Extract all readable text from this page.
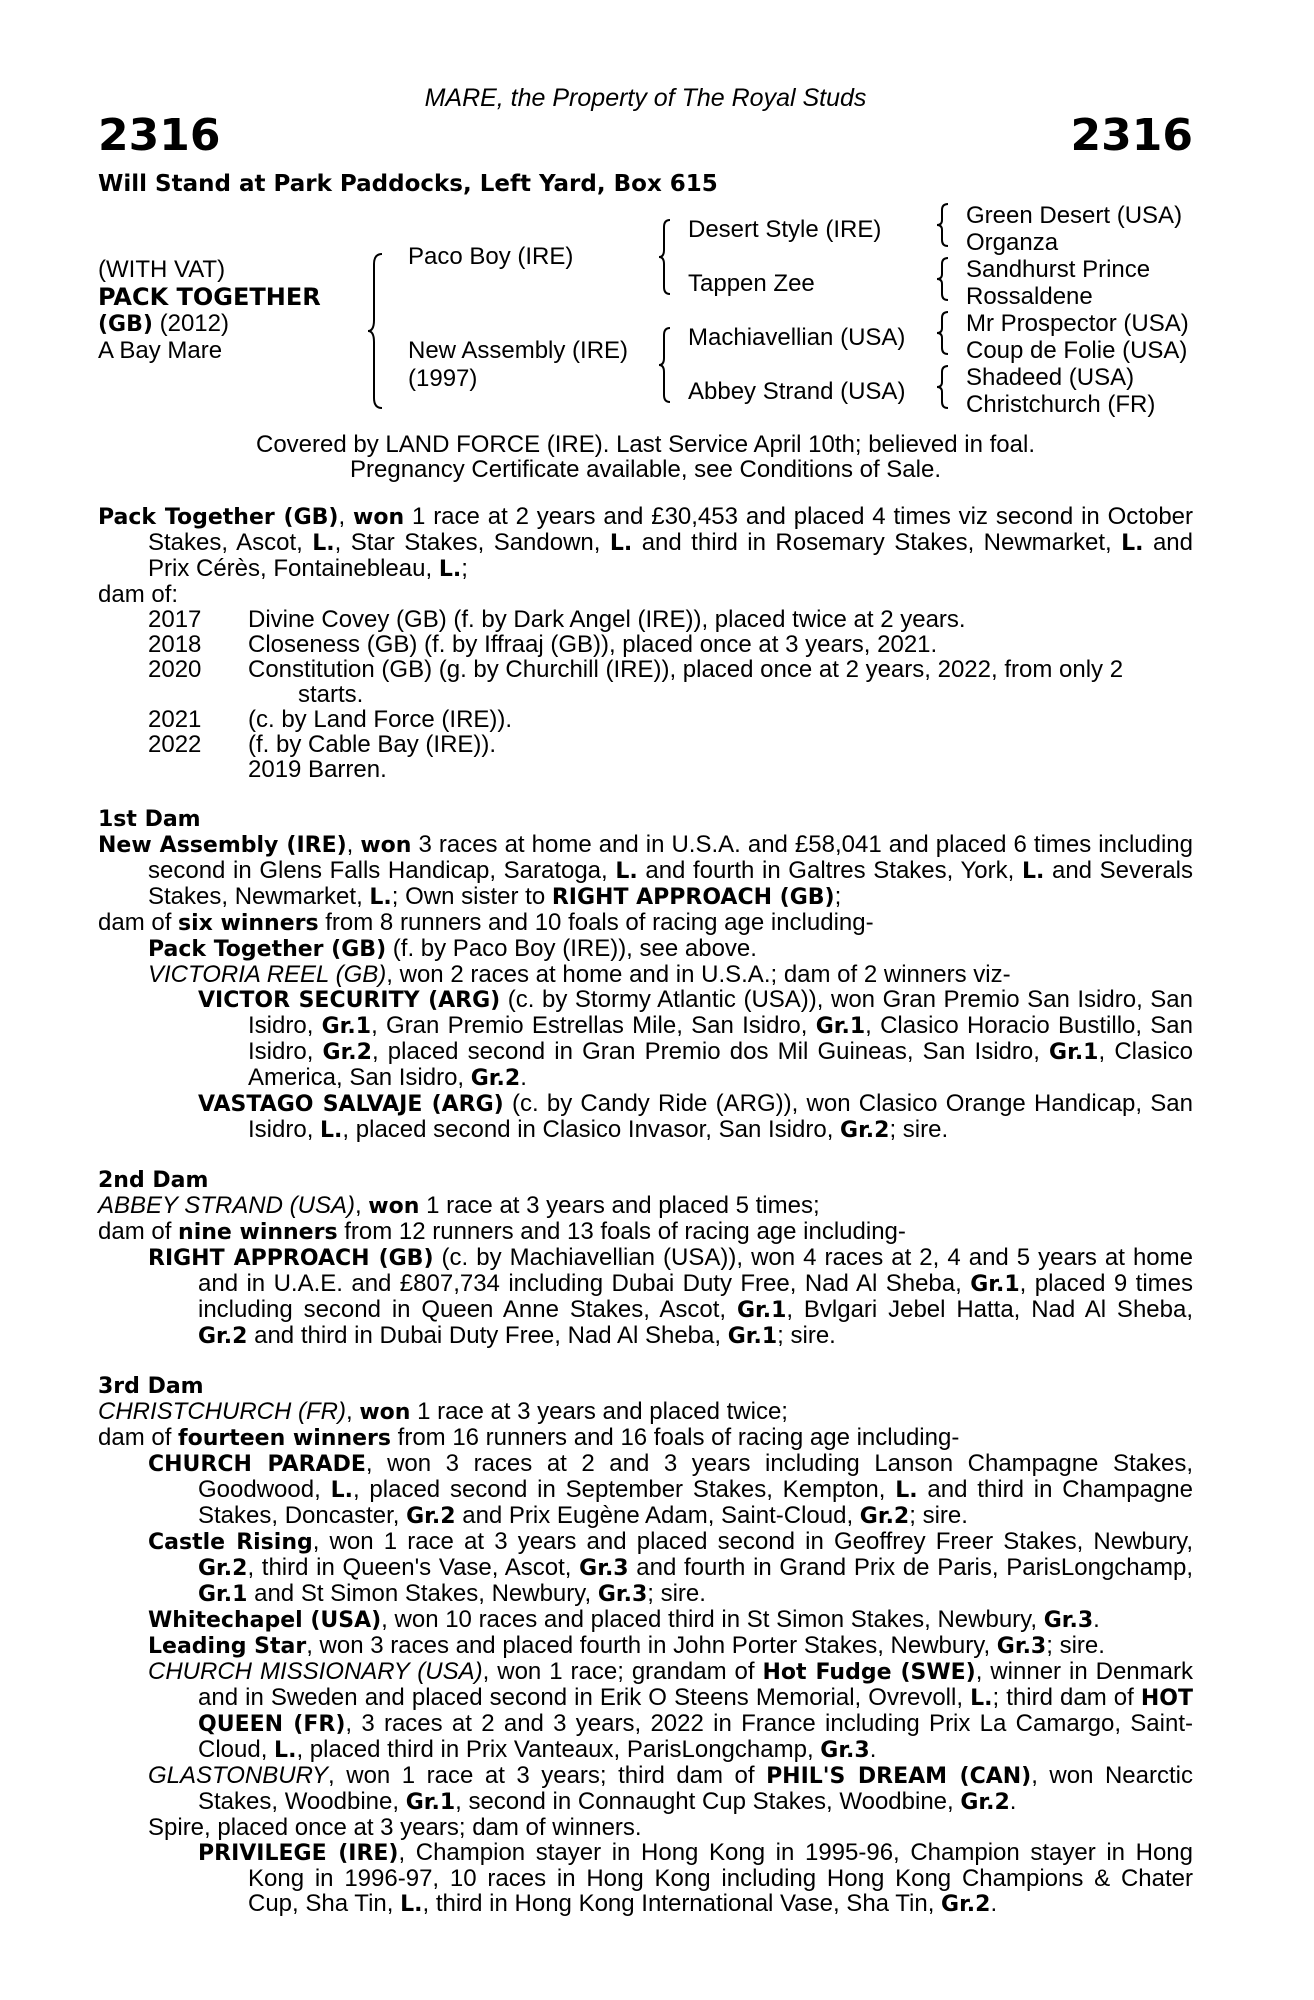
MARE, the Property of The Royal Studs
2316	2316
Will Stand at Park Paddocks, Left Yard, Box 615
(WITH VAT)
PACK TOGETHER
(GB) (2012)
A Bay Mare
Paco Boy (IRE)
New Assembly (IRE)
(1997)
Desert Style (IRE)
Tappen Zee
Machiavellian (USA)
Abbey Strand (USA)
Green Desert (USA)
Organza
Sandhurst Prince
Rossaldene
Mr Prospector (USA)
Coup de Folie (USA)
Shadeed (USA)
Christchurch (FR)
Covered by LAND FORCE (IRE). Last Service April 10th; believed in foal.
Pregnancy Certificate available, see Conditions of Sale.

Pack Together (GB), won 1 race at 2 years and £30,453 and placed 4 times viz second in October Stakes, Ascot, L., Star Stakes, Sandown, L. and third in Rosemary Stakes, Newmarket, L. and Prix Cérès, Fontainebleau, L.;

dam of:

2017	Divine Covey (GB) (f. by Dark Angel (IRE)), placed twice at 2 years.
2018	Closeness (GB) (f. by Iffraaj (GB)), placed once at 3 years, 2021.
2020	Constitution (GB) (g. by Churchill (IRE)), placed once at 2 years, 2022, from only 2
starts.
2021	(c. by Land Force (IRE)).
2022	(f. by Cable Bay (IRE)).
2019 Barren.

1st Dam

New Assembly (IRE), won 3 races at home and in U.S.A. and £58,041 and placed 6 times including second in Glens Falls Handicap, Saratoga, L. and fourth in Galtres Stakes, York, L. and Severals Stakes, Newmarket, L.; Own sister to RIGHT APPROACH (GB);

dam of six winners from 8 runners and 10 foals of racing age including-

Pack Together (GB) (f. by Paco Boy (IRE)), see above.

VICTORIA REEL (GB), won 2 races at home and in U.S.A.; dam of 2 winners viz-

VICTOR SECURITY (ARG) (c. by Stormy Atlantic (USA)), won Gran Premio San Isidro, San Isidro, Gr.1, Gran Premio Estrellas Mile, San Isidro, Gr.1, Clasico Horacio Bustillo, San Isidro, Gr.2, placed second in Gran Premio dos Mil Guineas, San Isidro, Gr.1, Clasico America, San Isidro, Gr.2.

VASTAGO SALVAJE (ARG) (c. by Candy Ride (ARG)), won Clasico Orange Handicap, San Isidro, L., placed second in Clasico Invasor, San Isidro, Gr.2; sire.

2nd Dam

ABBEY STRAND (USA), won 1 race at 3 years and placed 5 times;

dam of nine winners from 12 runners and 13 foals of racing age including-

RIGHT APPROACH (GB) (c. by Machiavellian (USA)), won 4 races at 2, 4 and 5 years at home and in U.A.E. and £807,734 including Dubai Duty Free, Nad Al Sheba, Gr.1, placed 9 times including second in Queen Anne Stakes, Ascot, Gr.1, Bvlgari Jebel Hatta, Nad Al Sheba, Gr.2 and third in Dubai Duty Free, Nad Al Sheba, Gr.1; sire.

3rd Dam

CHRISTCHURCH (FR), won 1 race at 3 years and placed twice;

dam of fourteen winners from 16 runners and 16 foals of racing age including-

CHURCH PARADE, won 3 races at 2 and 3 years including Lanson Champagne Stakes, Goodwood, L., placed second in September Stakes, Kempton, L. and third in Champagne Stakes, Doncaster, Gr.2 and Prix Eugène Adam, Saint-Cloud, Gr.2; sire.

Castle Rising, won 1 race at 3 years and placed second in Geoffrey Freer Stakes, Newbury, Gr.2, third in Queen's Vase, Ascot, Gr.3 and fourth in Grand Prix de Paris, ParisLongchamp, Gr.1 and St Simon Stakes, Newbury, Gr.3; sire.

Whitechapel (USA), won 10 races and placed third in St Simon Stakes, Newbury, Gr.3.

Leading Star, won 3 races and placed fourth in John Porter Stakes, Newbury, Gr.3; sire.

CHURCH MISSIONARY (USA), won 1 race; grandam of Hot Fudge (SWE), winner in Denmark and in Sweden and placed second in Erik O Steens Memorial, Ovrevoll, L.; third dam of HOT QUEEN (FR), 3 races at 2 and 3 years, 2022 in France including Prix La Camargo, Saint-Cloud, L., placed third in Prix Vanteaux, ParisLongchamp, Gr.3.

GLASTONBURY, won 1 race at 3 years; third dam of PHIL'S DREAM (CAN), won Nearctic Stakes, Woodbine, Gr.1, second in Connaught Cup Stakes, Woodbine, Gr.2.

Spire, placed once at 3 years; dam of winners.

PRIVILEGE (IRE), Champion stayer in Hong Kong in 1995-96, Champion stayer in Hong Kong in 1996-97, 10 races in Hong Kong including Hong Kong Champions & Chater Cup, Sha Tin, L., third in Hong Kong International Vase, Sha Tin, Gr.2.
